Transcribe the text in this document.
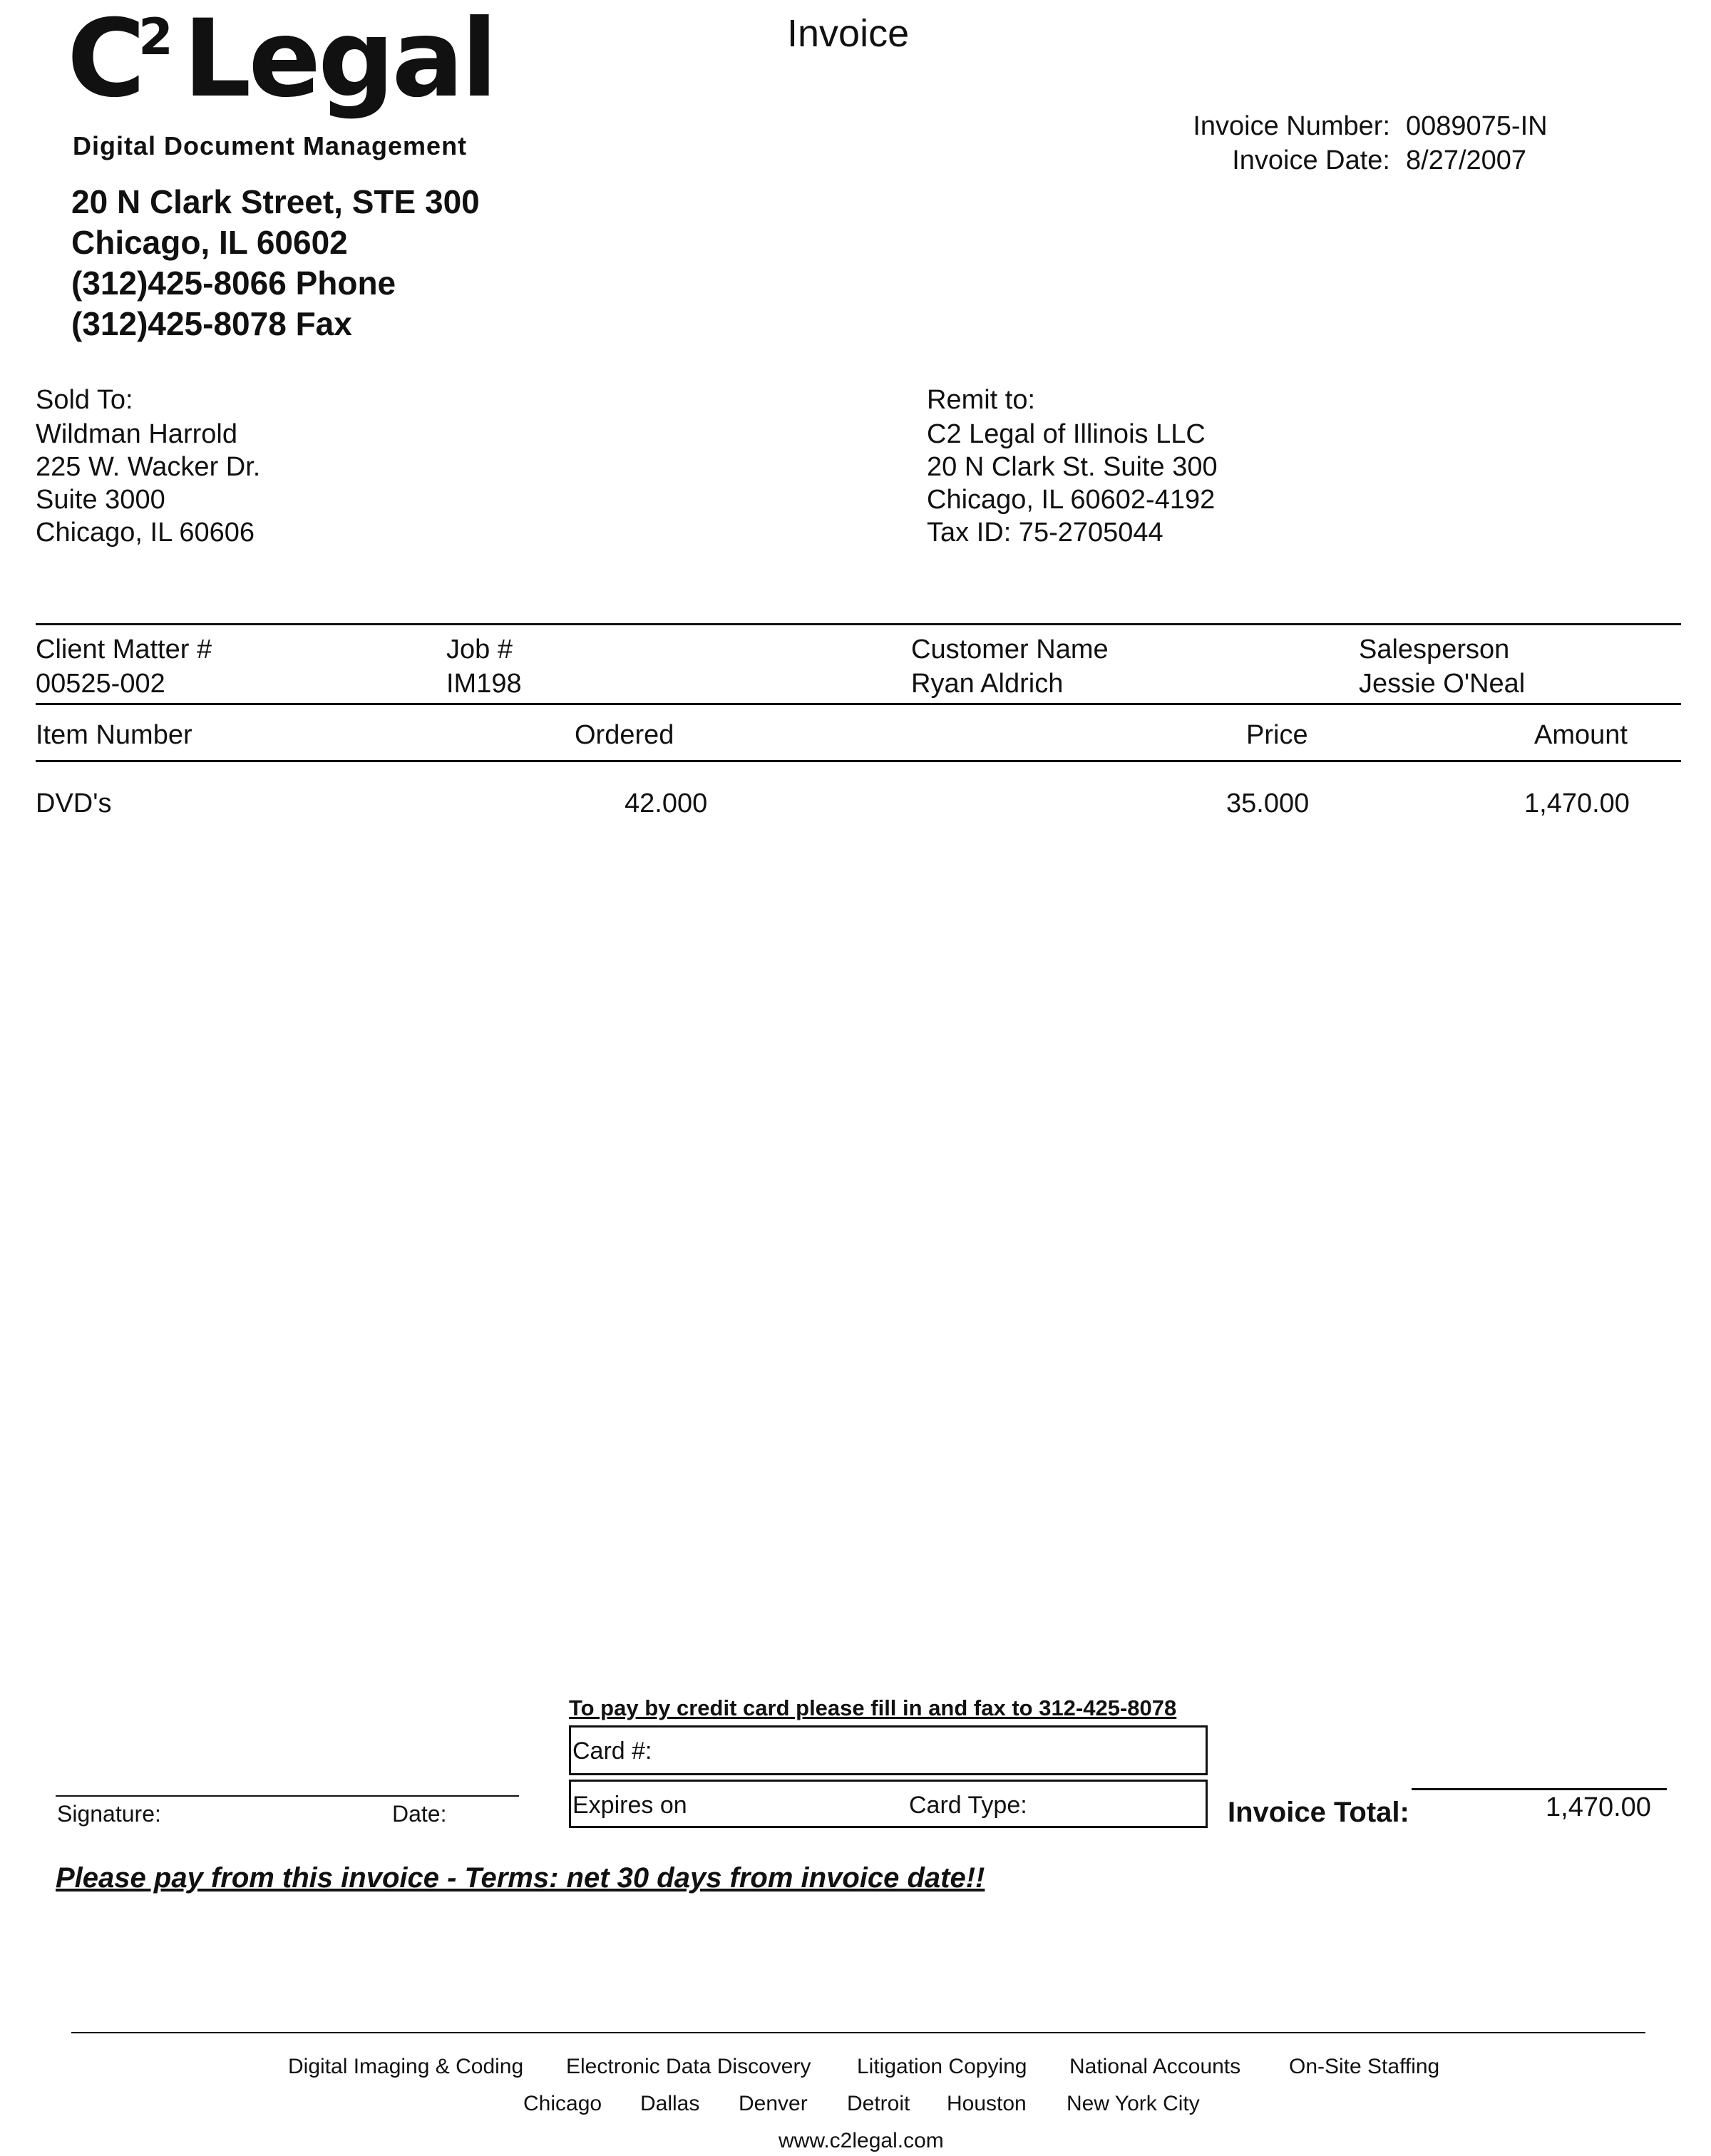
$C^2$ Legal
Digital Document Management
20 N Clark Street, STE 300
Chicago, IL 60602
(312)425-8066 Phone
(312)425-8078 Fax
Invoice
Invoice Number: 0089075-IN
Invoice Date: 8/27/2007
Sold To:
Wildman Harrold
225 W. Wacker Dr.
Suite 3000
Chicago, IL 60606
Remit to:
C2 Legal of Illinois LLC
20 N Clark St. Suite 300
Chicago, IL 60602-4192
Tax ID: 75-2705044
Client Matter #	Job #	Customer Name	Salesperson
00525-002	IM198	Ryan Aldrich	Jessie O'Neal
Item Number	Ordered	Price	Amount
DVD's	42.000	35.000	1,470.00
To pay by credit card please fill in and fax to 312-425-8078
Card #:
Expires on	Card Type:
Signature:	Date:	Invoice Total:	1,470.00
Please pay from this invoice - Terms: net 30 days from invoice date!!
Digital Imaging & Coding Electronic Data Discovery Litigation Copying National Accounts On-Site Staffing
Chicago Dallas Denver Detroit Houston New York City
www.c2legal.com
